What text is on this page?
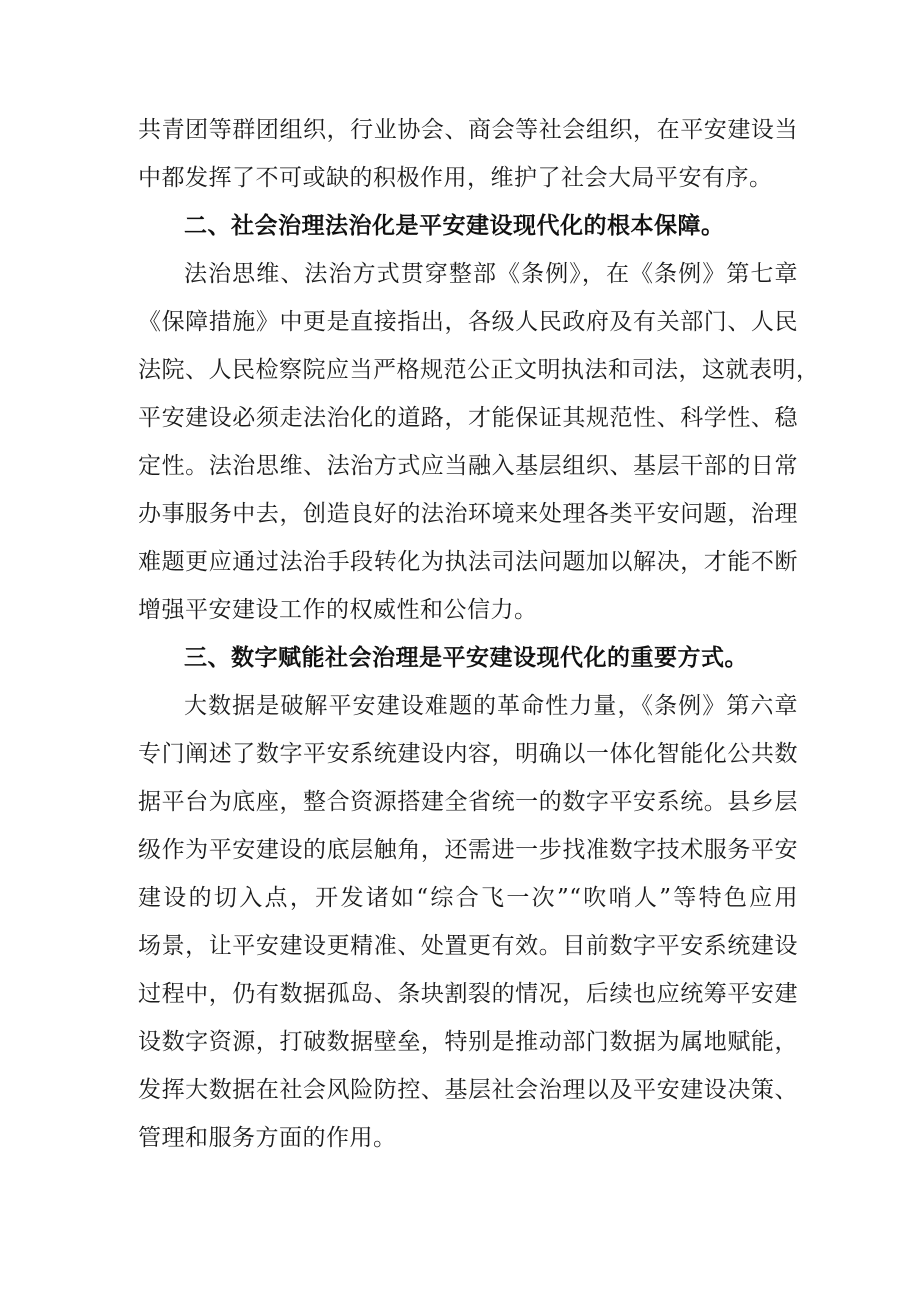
共青团等群团组织，行业协会、商会等社会组织，在平安建设当
中都发挥了不可或缺的积极作用，维护了社会大局平安有序。
二、社会治理法治化是平安建设现代化的根本保障。
法治思维、法治方式贯穿整部《条例》，在《条例》第七章
《保障措施》中更是直接指出，各级人民政府及有关部门、人民
法院、人民检察院应当严格规范公正文明执法和司法，这就表明，
平安建设必须走法治化的道路，才能保证其规范性、科学性、稳
定性。法治思维、法治方式应当融入基层组织、基层干部的日常
办事服务中去，创造良好的法治环境来处理各类平安问题，治理
难题更应通过法治手段转化为执法司法问题加以解决，才能不断
增强平安建设工作的权威性和公信力。
三、数字赋能社会治理是平安建设现代化的重要方式。
大数据是破解平安建设难题的革命性力量，《条例》第六章
专门阐述了数字平安系统建设内容，明确以一体化智能化公共数
据平台为底座，整合资源搭建全省统一的数字平安系统。县乡层
级作为平安建设的底层触角，还需进一步找准数字技术服务平安
建设的切入点，开发诸如“综合飞一次”“吹哨人”等特色应用
场景，让平安建设更精准、处置更有效。目前数字平安系统建设
过程中，仍有数据孤岛、条块割裂的情况，后续也应统筹平安建
设数字资源，打破数据壁垒，特别是推动部门数据为属地赋能，
发挥大数据在社会风险防控、基层社会治理以及平安建设决策、
管理和服务方面的作用。
